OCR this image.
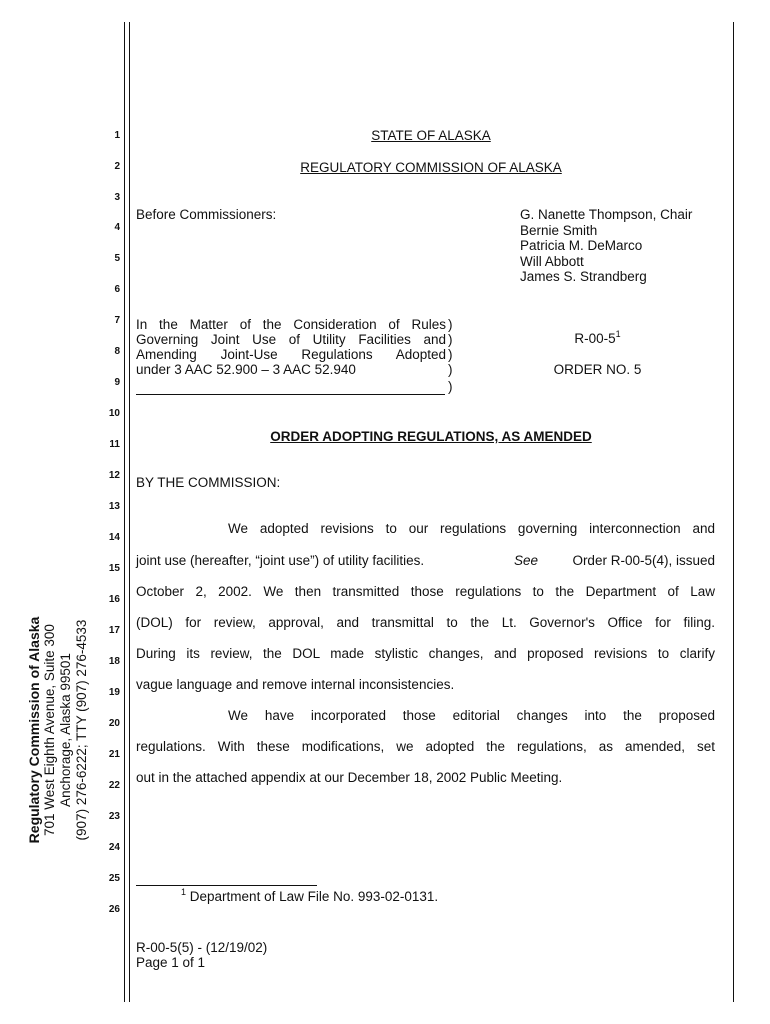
Regulatory Commission of Alaska 701 West Eighth Avenue, Suite 300 Anchorage, Alaska 99501 (907) 276-6222; TTY (907) 276-4533
1
2
3
4
5
6
7
8
9
10
11
12
13
14
15
16
17
18
19
20
21
22
23
24
25
26
STATE OF ALASKA
REGULATORY COMMISSION OF ALASKA
Before Commissioners:	G. Nanette Thompson, Chair
Bernie Smith
Patricia M. DeMarco
Will Abbott
James S. Strandberg
In the Matter of the Consideration of Rules
Governing Joint Use of Utility Facilities and
Amending Joint-Use Regulations Adopted
under 3 AAC 52.900 – 3 AAC 52.940
)
)
)
)
)
$R-00-5^1$
ORDER NO. 5
ORDER ADOPTING REGULATIONS, AS AMENDED
BY THE COMMISSION:
We adopted revisions to our regulations governing interconnection and
joint use (hereafter, “joint use”) of utility facilities.	See	Order R-00-5(4), issued
October 2, 2002. We then transmitted those regulations to the Department of Law
(DOL) for review, approval, and transmittal to the Lt. Governor's Office for filing.
During its review, the DOL made stylistic changes, and proposed revisions to clarify
vague language and remove internal inconsistencies.
We have incorporated those editorial changes into the proposed
regulations. With these modifications, we adopted the regulations, as amended, set
out in the attached appendix at our December 18, 2002 Public Meeting.
$^1$ Department of Law File No. 993-02-0131.
R-00-5(5) - (12/19/02)
Page 1 of 1
